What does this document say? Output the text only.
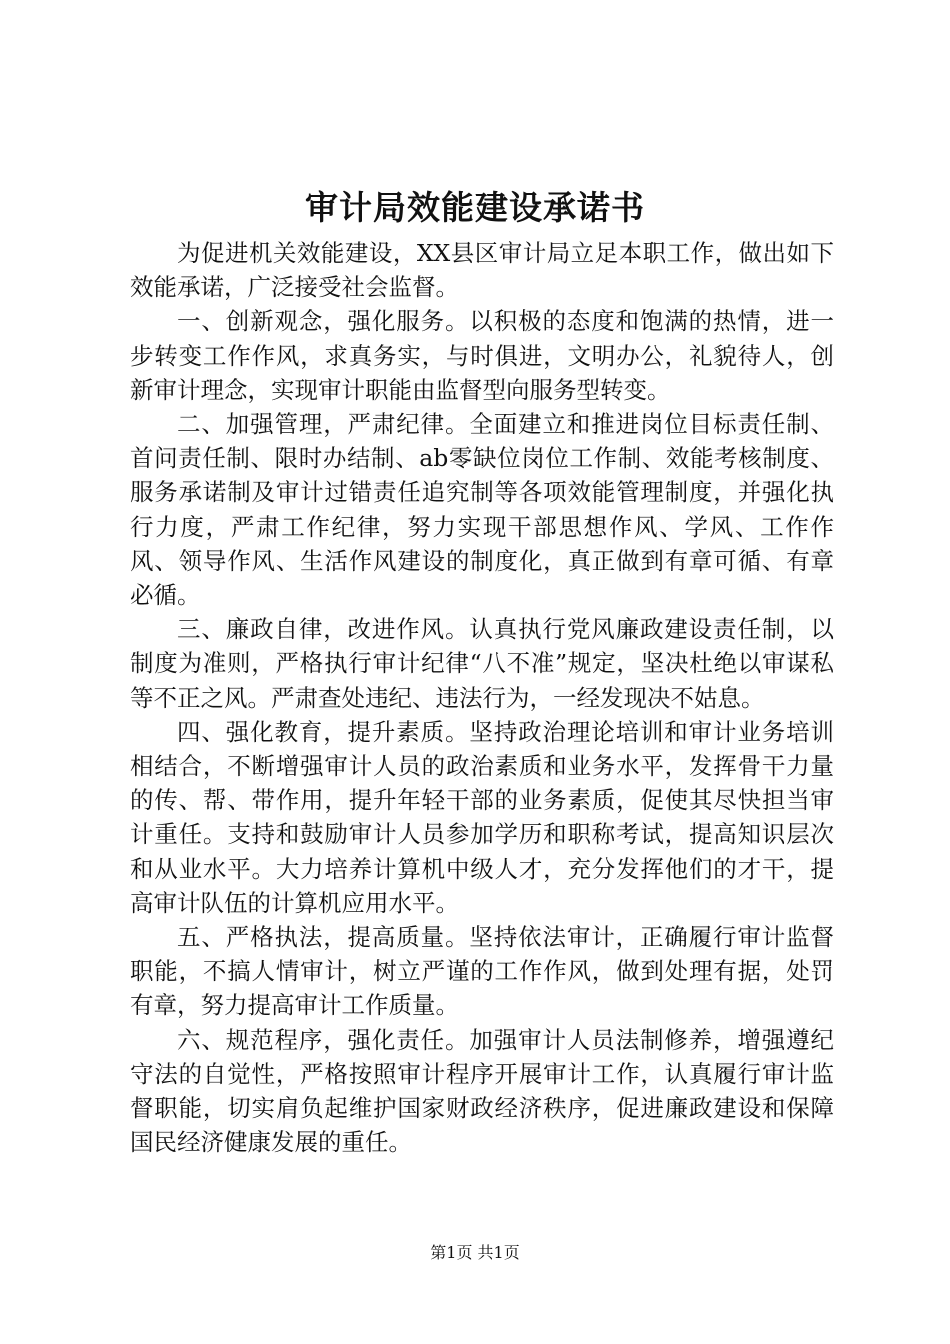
审计局效能建设承诺书

为促进机关效能建设，XX县区审计局立足本职工作，做出如下效能承诺，广泛接受社会监督。

一、创新观念，强化服务。以积极的态度和饱满的热情，进一步转变工作作风，求真务实，与时俱进，文明办公，礼貌待人，创新审计理念，实现审计职能由监督型向服务型转变。

二、加强管理，严肃纪律。全面建立和推进岗位目标责任制、首问责任制、限时办结制、ab零缺位岗位工作制、效能考核制度、服务承诺制及审计过错责任追究制等各项效能管理制度，并强化执行力度，严肃工作纪律，努力实现干部思想作风、学风、工作作风、领导作风、生活作风建设的制度化，真正做到有章可循、有章必循。

三、廉政自律，改进作风。认真执行党风廉政建设责任制，以制度为准则，严格执行审计纪律“八不准”规定，坚决杜绝以审谋私等不正之风。严肃查处违纪、违法行为，一经发现决不姑息。

四、强化教育，提升素质。坚持政治理论培训和审计业务培训相结合，不断增强审计人员的政治素质和业务水平，发挥骨干力量的传、帮、带作用，提升年轻干部的业务素质，促使其尽快担当审计重任。支持和鼓励审计人员参加学历和职称考试，提高知识层次和从业水平。大力培养计算机中级人才，充分发挥他们的才干，提高审计队伍的计算机应用水平。

五、严格执法，提高质量。坚持依法审计，正确履行审计监督职能，不搞人情审计，树立严谨的工作作风，做到处理有据，处罚有章，努力提高审计工作质量。

六、规范程序，强化责任。加强审计人员法制修养，增强遵纪守法的自觉性，严格按照审计程序开展审计工作，认真履行审计监督职能，切实肩负起维护国家财政经济秩序，促进廉政建设和保障国民经济健康发展的重任。

第1页 共1页
